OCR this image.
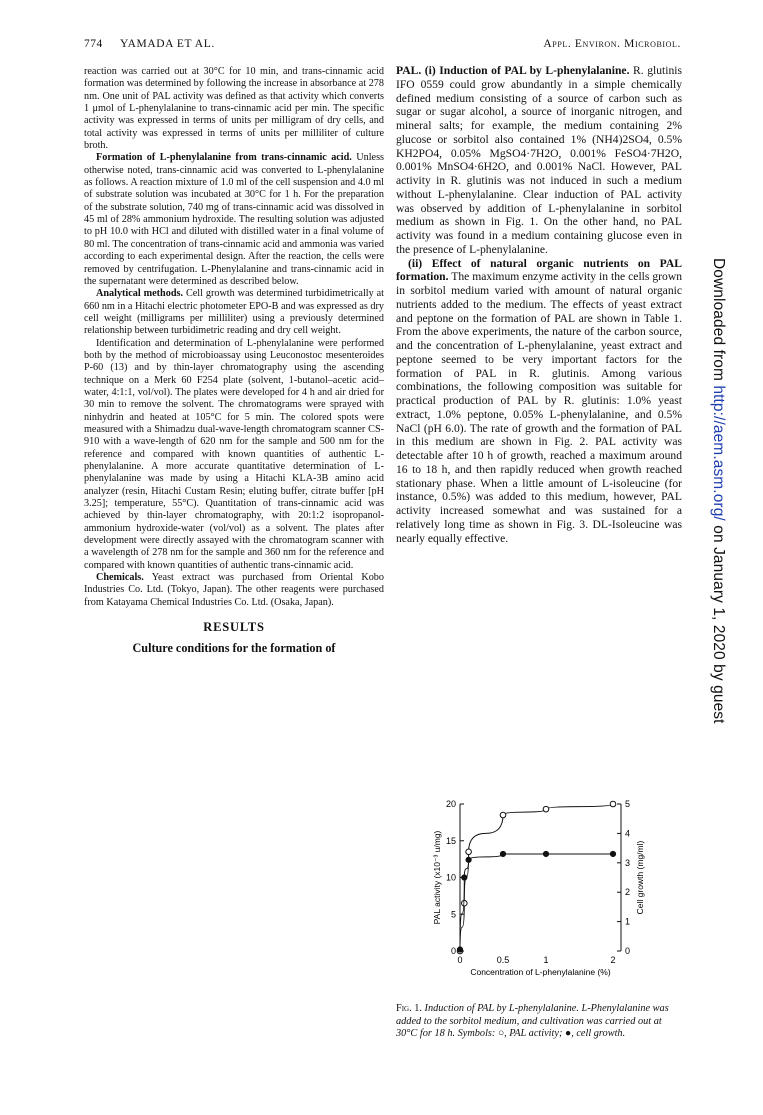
774 YAMADA ET AL.	Appl. Environ. Microbiol.

reaction was carried out at 30°C for 10 min, and trans-cinnamic acid formation was determined by following the increase in absorbance at 278 nm. One unit of PAL activity was defined as that activity which converts 1 μmol of L-phenylalanine to trans-cinnamic acid per min. The specific activity was expressed in terms of units per milligram of dry cells, and total activity was expressed in terms of units per milliliter of culture broth.

Formation of L-phenylalanine from trans-cinnamic acid. Unless otherwise noted, trans-cinnamic acid was converted to L-phenylalanine as follows. A reaction mixture of 1.0 ml of the cell suspension and 4.0 ml of substrate solution was incubated at 30°C for 1 h. For the preparation of the substrate solution, 740 mg of trans-cinnamic acid was dissolved in 45 ml of 28% ammonium hydroxide. The resulting solution was adjusted to pH 10.0 with HCl and diluted with distilled water in a final volume of 80 ml. The concentration of trans-cinnamic acid and ammonia was varied according to each experimental design. After the reaction, the cells were removed by centrifugation. L-Phenylalanine and trans-cinnamic acid in the supernatant were determined as described below.

Analytical methods. Cell growth was determined turbidimetrically at 660 nm in a Hitachi electric photometer EPO-B and was expressed as dry cell weight (milligrams per milliliter) using a previously determined relationship between turbidimetric reading and dry cell weight.

Identification and determination of L-phenylalanine were performed both by the method of microbioassay using Leuconostoc mesenteroides P-60 (13) and by thin-layer chromatography using the ascending technique on a Merk 60 F254 plate (solvent, 1-butanol–acetic acid–water, 4:1:1, vol/vol). The plates were developed for 4 h and air dried for 30 min to remove the solvent. The chromatograms were sprayed with ninhydrin and heated at 105°C for 5 min. The colored spots were measured with a Shimadzu dual-wave-length chromatogram scanner CS-910 with a wave-length of 620 nm for the sample and 500 nm for the reference and compared with known quantities of authentic L-phenylalanine. A more accurate quantitative determination of L-phenylalanine was made by using a Hitachi KLA-3B amino acid analyzer (resin, Hitachi Custam Resin; eluting buffer, citrate buffer [pH 3.25]; temperature, 55°C). Quantitation of trans-cinnamic acid was achieved by thin-layer chromatography, with 20:1:2 isopropanol-ammonium hydroxide-water (vol/vol) as a solvent. The plates after development were directly assayed with the chromatogram scanner with a wavelength of 278 nm for the sample and 360 nm for the reference and compared with known quantities of authentic trans-cinnamic acid.

Chemicals. Yeast extract was purchased from Oriental Kobo Industries Co. Ltd. (Tokyo, Japan). The other reagents were purchased from Katayama Chemical Industries Co. Ltd. (Osaka, Japan).

RESULTS
Culture conditions for the formation of

PAL. (i) Induction of PAL by L-phenylalanine. R. glutinis IFO 0559 could grow abundantly in a simple chemically defined medium consisting of a source of carbon such as sugar or sugar alcohol, a source of inorganic nitrogen, and mineral salts; for example, the medium containing 2% glucose or sorbitol also contained 1% (NH4)2SO4, 0.5% KH2PO4, 0.05% MgSO4·7H2O, 0.001% FeSO4·7H2O, 0.001% MnSO4·6H2O, and 0.001% NaCl. However, PAL activity in R. glutinis was not induced in such a medium without L-phenylalanine. Clear induction of PAL activity was observed by addition of L-phenylalanine in sorbitol medium as shown in Fig. 1. On the other hand, no PAL activity was found in a medium containing glucose even in the presence of L-phenylalanine.

(ii) Effect of natural organic nutrients on PAL formation. The maximum enzyme activity in the cells grown in sorbitol medium varied with amount of natural organic nutrients added to the medium. The effects of yeast extract and peptone on the formation of PAL are shown in Table 1. From the above experiments, the nature of the carbon source, and the concentration of L-phenylalanine, yeast extract and peptone seemed to be very important factors for the formation of PAL in R. glutinis. Among various combinations, the following composition was suitable for practical production of PAL by R. glutinis: 1.0% yeast extract, 1.0% peptone, 0.05% L-phenylalanine, and 0.5% NaCl (pH 6.0). The rate of growth and the formation of PAL in this medium are shown in Fig. 2. PAL activity was detectable after 10 h of growth, reached a maximum around 16 to 18 h, and then rapidly reduced when growth reached stationary phase. When a little amount of L-isoleucine (for instance, 0.5%) was added to this medium, however, PAL activity increased somewhat and was sustained for a relatively long time as shown in Fig. 3. DL-Isoleucine was nearly equally effective.

0
5
10
15
20
0
1
2
3
4
5
0	0.5	1	2
Concentration of L-phenylalanine (%)
PAL activity (x10⁻³ u/mg)	Cell growth (mg/ml)
Fig. 1. Induction of PAL by L-phenylalanine. L-Phenylalanine was added to the sorbitol medium, and cultivation was carried out at 30°C for 18 h. Symbols: ○, PAL activity; ●, cell growth.
Downloaded from http://aem.asm.org/ on January 1, 2020 by guest
